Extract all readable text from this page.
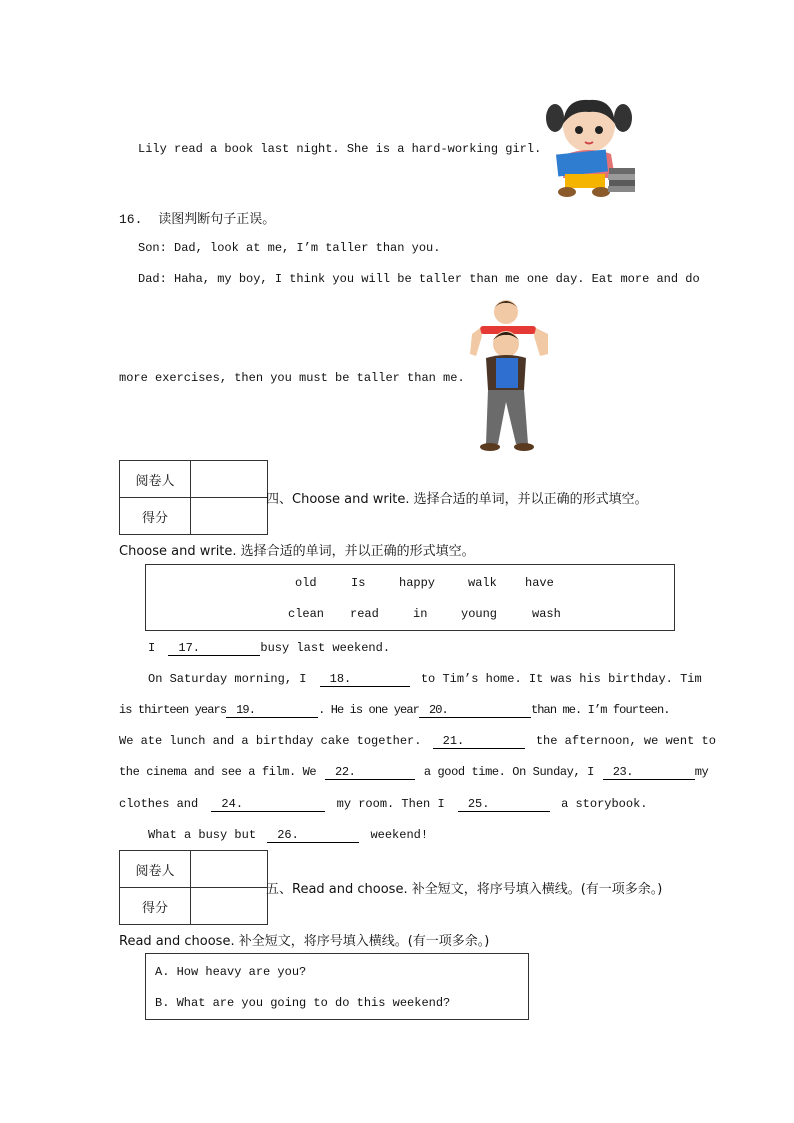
Lily read a book last night. She is a hard-working girl.
16. 读图判断句子正误。
Son: Dad, look at me, I’m taller than you.
Dad: Haha, my boy, I think you will be taller than me one day. Eat more and do
more exercises, then you must be taller than me.
阅卷人	
得分	
四、Choose and write. 选择合适的单词，并以正确的形式填空。
Choose and write. 选择合适的单词，并以正确的形式填空。
old	Is	happy	walk have
clean read	in	young	wash
I 17.	busy last weekend.
On Saturday morning, I 18.	to Tim’s home. It was his birthday. Tim
is thirteen years 19.	. He is one year 20.	than me. I’m fourteen.
We ate lunch and a birthday cake together. 21.	the afternoon, we went to
the cinema and see a film. We 22.	a good time. On Sunday, I 23.	my
clothes and 24.	my room. Then I 25.	a storybook.
What a busy but 26.	weekend!
阅卷人	
得分	
五、Read and choose. 补全短文，将序号填入横线。(有一项多余。)
Read and choose. 补全短文，将序号填入横线。(有一项多余。)
A. How heavy are you?
B. What are you going to do this weekend?
